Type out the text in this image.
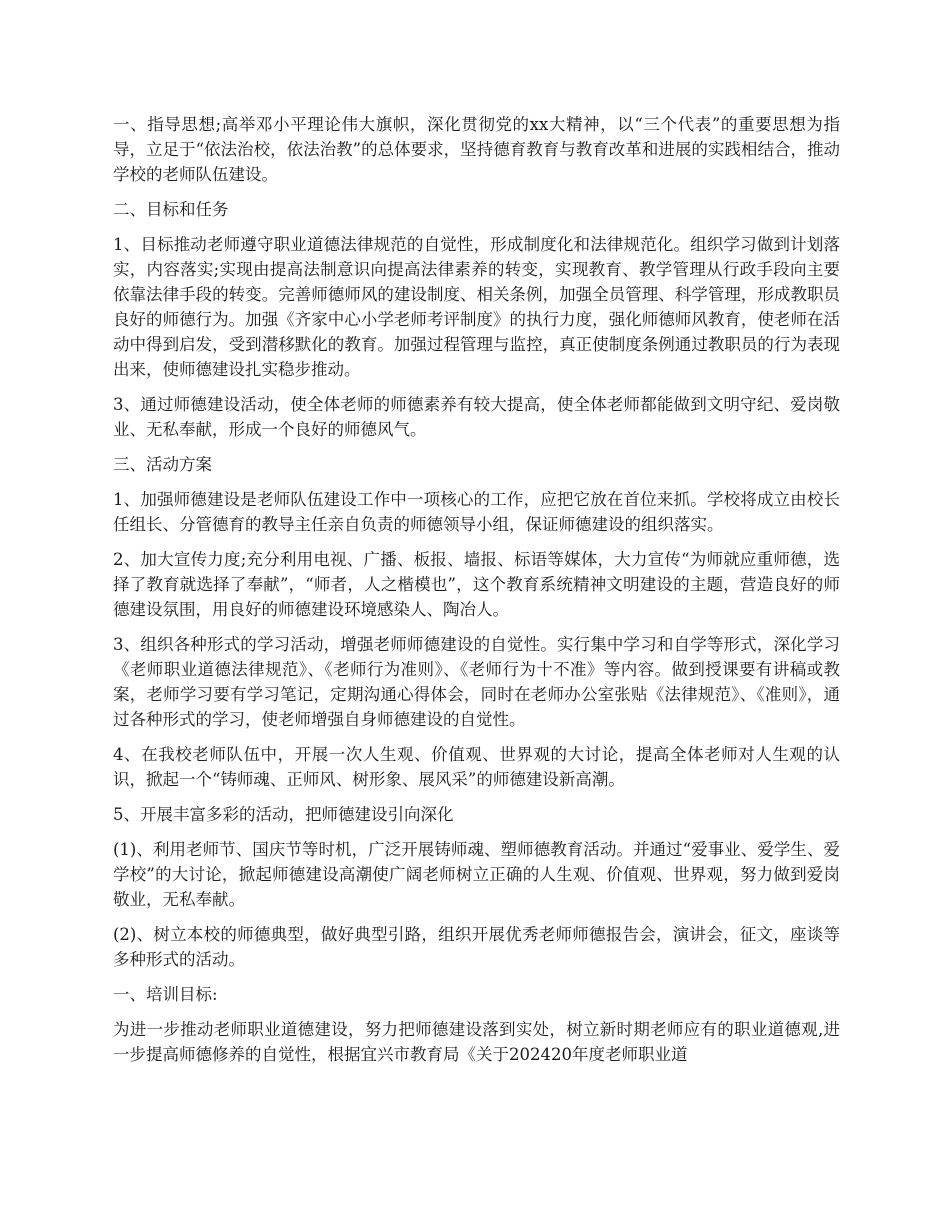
一、指导思想;高举邓小平理论伟大旗帜，深化贯彻党的xx大精神，以“三个代表”的重要思想为指导，立足于“依法治校，依法治教”的总体要求，坚持德育教育与教育改革和进展的实践相结合，推动学校的老师队伍建设。

二、目标和任务

1、目标推动老师遵守职业道德法律规范的自觉性，形成制度化和法律规范化。组织学习做到计划落实，内容落实;实现由提高法制意识向提高法律素养的转变，实现教育、教学管理从行政手段向主要依靠法律手段的转变。完善师德师风的建设制度、相关条例，加强全员管理、科学管理，形成教职员良好的师德行为。加强《齐家中心小学老师考评制度》的执行力度，强化师德师风教育，使老师在活动中得到启发，受到潜移默化的教育。加强过程管理与监控，真正使制度条例通过教职员的行为表现出来，使师德建设扎实稳步推动。

3、通过师德建设活动，使全体老师的师德素养有较大提高，使全体老师都能做到文明守纪、爱岗敬业、无私奉献，形成一个良好的师德风气。

三、活动方案

1、加强师德建设是老师队伍建设工作中一项核心的工作，应把它放在首位来抓。学校将成立由校长任组长、分管德育的教导主任亲自负责的师德领导小组，保证师德建设的组织落实。

2、加大宣传力度;充分利用电视、广播、板报、墙报、标语等媒体，大力宣传“为师就应重师德，选择了教育就选择了奉献”，“师者，人之楷模也”，这个教育系统精神文明建设的主题，营造良好的师德建设氛围，用良好的师德建设环境感染人、陶冶人。

3、组织各种形式的学习活动，增强老师师德建设的自觉性。实行集中学习和自学等形式，深化学习《老师职业道德法律规范》、《老师行为准则》、《老师行为十不准》等内容。做到授课要有讲稿或教案，老师学习要有学习笔记，定期沟通心得体会，同时在老师办公室张贴《法律规范》、《准则》，通过各种形式的学习，使老师增强自身师德建设的自觉性。

4、在我校老师队伍中，开展一次人生观、价值观、世界观的大讨论，提高全体老师对人生观的认识，掀起一个“铸师魂、正师风、树形象、展风采”的师德建设新高潮。

5、开展丰富多彩的活动，把师德建设引向深化

(1)、利用老师节、国庆节等时机，广泛开展铸师魂、塑师德教育活动。并通过“爱事业、爱学生、爱学校”的大讨论，掀起师德建设高潮使广阔老师树立正确的人生观、价值观、世界观，努力做到爱岗敬业，无私奉献。

(2)、树立本校的师德典型，做好典型引路，组织开展优秀老师师德报告会，演讲会，征文，座谈等多种形式的活动。

一、培训目标:

为进一步推动老师职业道德建设，努力把师德建设落到实处，树立新时期老师应有的职业道德观,进一步提高师德修养的自觉性，根据宜兴市教育局《关于202420年度老师职业道
